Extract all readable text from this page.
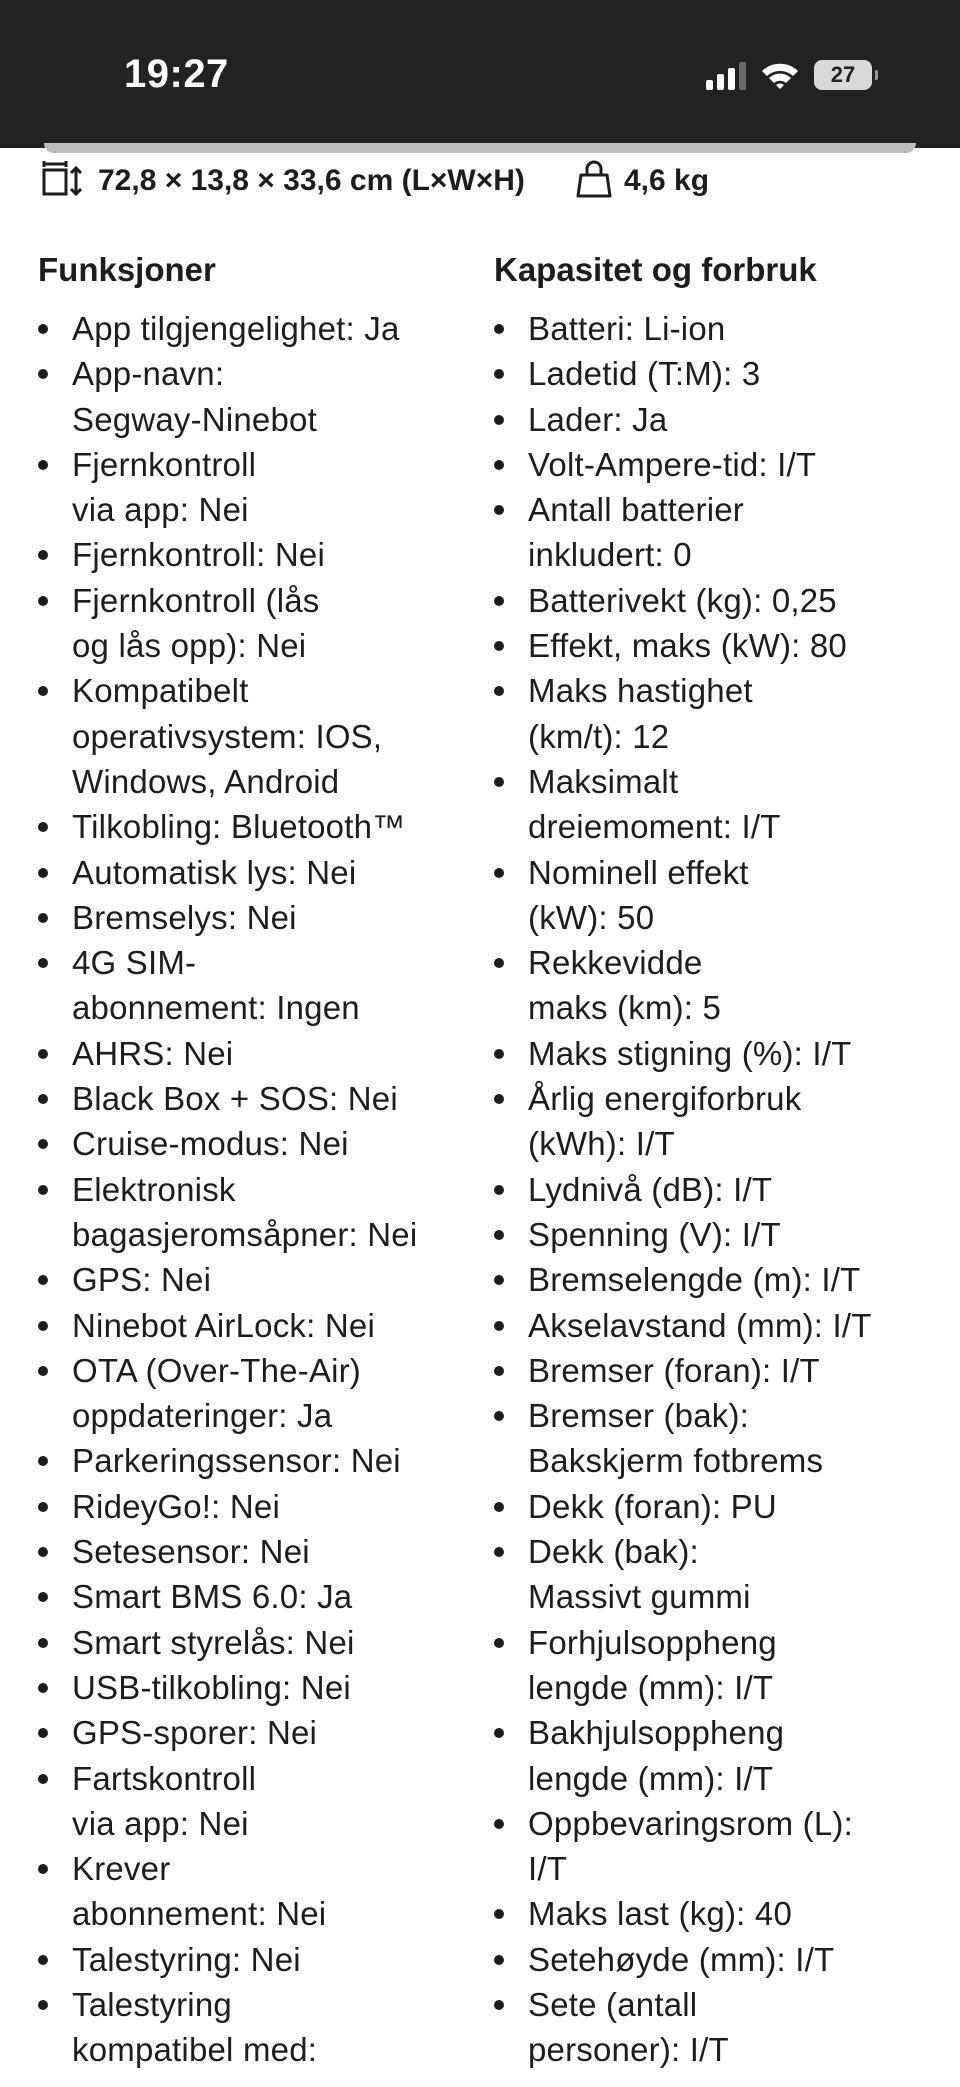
19:27	27
72,8 × 13,8 × 33,6 cm (L×W×H)	4,6 kg
Funksjoner
App tilgjengelighet: Ja
App-navn:
Segway-Ninebot
Fjernkontroll
via app: Nei
Fjernkontroll: Nei
Fjernkontroll (lås
og lås opp): Nei
Kompatibelt
operativsystem: IOS,
Windows, Android
Tilkobling: Bluetooth™
Automatisk lys: Nei
Bremselys: Nei
4G SIM-
abonnement: Ingen
AHRS: Nei
Black Box + SOS: Nei
Cruise-modus: Nei
Elektronisk
bagasjeromsåpner: Nei
GPS: Nei
Ninebot AirLock: Nei
OTA (Over-The-Air)
oppdateringer: Ja
Parkeringssensor: Nei
RideyGo!: Nei
Setesensor: Nei
Smart BMS 6.0: Ja
Smart styrelås: Nei
USB-tilkobling: Nei
GPS-sporer: Nei
Fartskontroll
via app: Nei
Krever
abonnement: Nei
Talestyring: Nei
Talestyring
kompatibel med:
Kapasitet og forbruk
Batteri: Li-ion
Ladetid (T:M): 3
Lader: Ja
Volt-Ampere-tid: I/T
Antall batterier
inkludert: 0
Batterivekt (kg): 0,25
Effekt, maks (kW): 80
Maks hastighet
(km/t): 12
Maksimalt
dreiemoment: I/T
Nominell effekt
(kW): 50
Rekkevidde
maks (km): 5
Maks stigning (%): I/T
Årlig energiforbruk
(kWh): I/T
Lydnivå (dB): I/T
Spenning (V): I/T
Bremselengde (m): I/T
Akselavstand (mm): I/T
Bremser (foran): I/T
Bremser (bak):
Bakskjerm fotbrems
Dekk (foran): PU
Dekk (bak):
Massivt gummi
Forhjulsoppheng
lengde (mm): I/T
Bakhjulsoppheng
lengde (mm): I/T
Oppbevaringsrom (L):
I/T
Maks last (kg): 40
Setehøyde (mm): I/T
Sete (antall
personer): I/T
